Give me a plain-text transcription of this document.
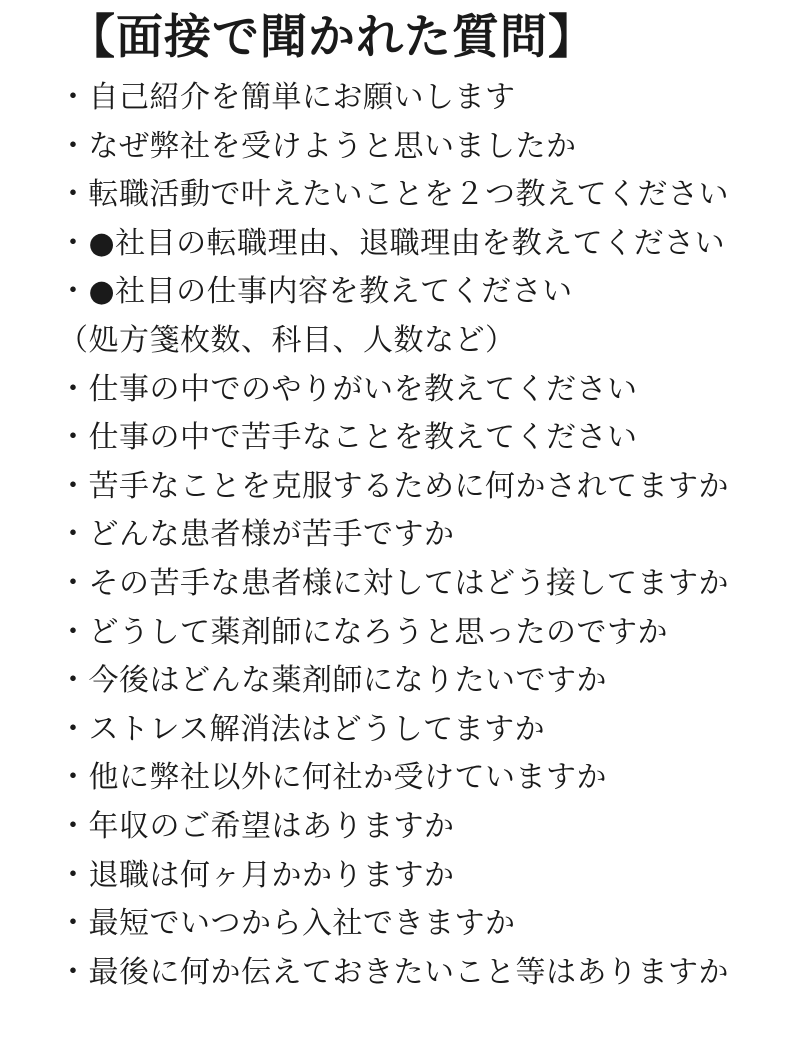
【面接で聞かれた質問】
・自己紹介を簡単にお願いします
・なぜ弊社を受けようと思いましたか
・転職活動で叶えたいことを２つ教えてください
・●社目の転職理由、退職理由を教えてください
・●社目の仕事内容を教えてください
（処方箋枚数、科目、人数など）
・仕事の中でのやりがいを教えてください
・仕事の中で苦手なことを教えてください
・苦手なことを克服するために何かされてますか
・どんな患者様が苦手ですか
・その苦手な患者様に対してはどう接してますか
・どうして薬剤師になろうと思ったのですか
・今後はどんな薬剤師になりたいですか
・ストレス解消法はどうしてますか
・他に弊社以外に何社か受けていますか
・年収のご希望はありますか
・退職は何ヶ月かかりますか
・最短でいつから入社できますか
・最後に何か伝えておきたいこと等はありますか
